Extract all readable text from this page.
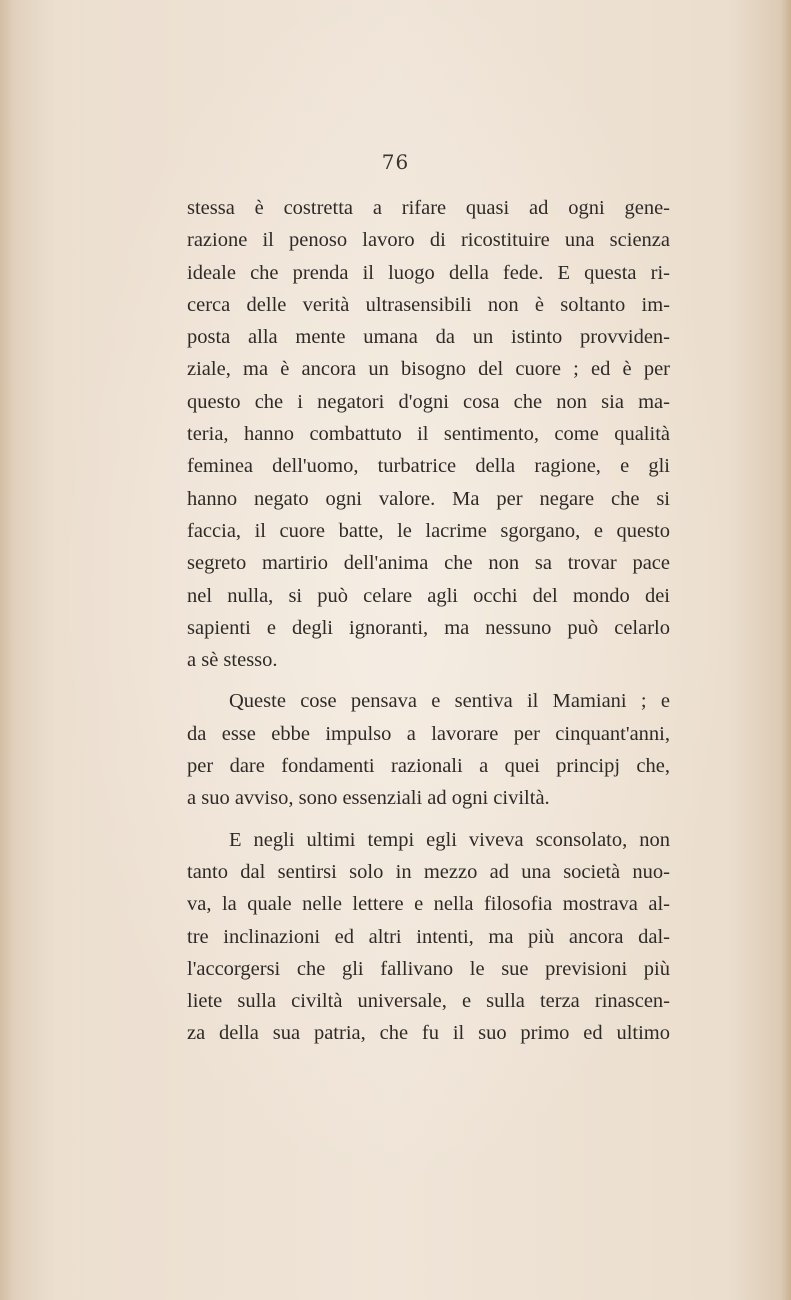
76

stessa è costretta a rifare quasi ad ogni gene-
razione il penoso lavoro di ricostituire una scienza
ideale che prenda il luogo della fede. E questa ri-
cerca delle verità ultrasensibili non è soltanto im-
posta alla mente umana da un istinto provviden-
ziale, ma è ancora un bisogno del cuore ; ed è per
questo che i negatori d'ogni cosa che non sia ma-
teria, hanno combattuto il sentimento, come qualità
feminea dell'uomo, turbatrice della ragione, e gli
hanno negato ogni valore. Ma per negare che si
faccia, il cuore batte, le lacrime sgorgano, e questo
segreto martirio dell'anima che non sa trovar pace
nel nulla, si può celare agli occhi del mondo dei
sapienti e degli ignoranti, ma nessuno può celarlo
a sè stesso.

Queste cose pensava e sentiva il Mamiani ; e
da esse ebbe impulso a lavorare per cinquant'anni,
per dare fondamenti razionali a quei principj che,
a suo avviso, sono essenziali ad ogni civiltà.

E negli ultimi tempi egli viveva sconsolato, non
tanto dal sentirsi solo in mezzo ad una società nuo-
va, la quale nelle lettere e nella filosofia mostrava al-
tre inclinazioni ed altri intenti, ma più ancora dal-
l'accorgersi che gli fallivano le sue previsioni più
liete sulla civiltà universale, e sulla terza rinascen-
za della sua patria, che fu il suo primo ed ultimo
